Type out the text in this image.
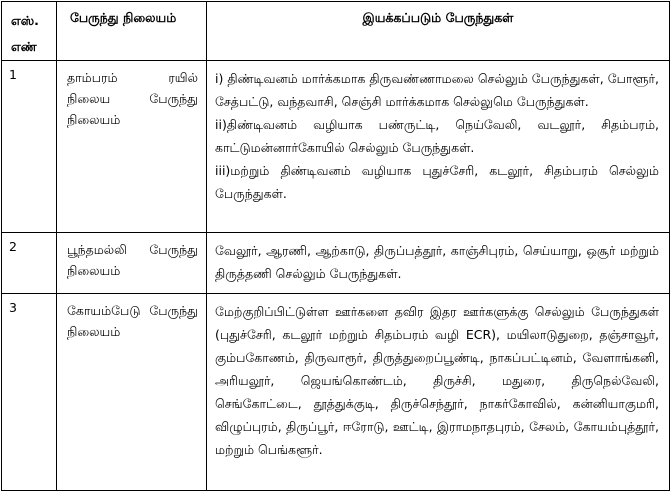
எஸ். எண்	பேருந்து நிலையம்	இயக்கப்படும் பேருந்துகள்
1	தாம்பரம் ரயில் நிலைய பேருந்து நிலையம்	i) திண்டிவனம் மார்க்கமாக திருவண்ணாமலை செல்லும் பேருந்துகள், போளூர், சேத்பட்டு, வந்தவாசி, செஞ்சி மார்க்கமாக செல்லுமெ பேருந்துகள்.

ii)திண்டிவனம் வழியாக பண்ருட்டி, நெய்வேலி, வடலூர், சிதம்பரம், காட்டுமன்னார்கோயில் செல்லும் பேருந்துகள்.

iii)மற்றும் திண்டிவனம் வழியாக புதுச்சேரி, கடலூர், சிதம்பரம் செல்லும் பேருந்துகள்.

2	பூந்தமல்லி பேருந்து நிலையம்	வேலூர், ஆரணி, ஆற்காடு, திருப்பத்தூர், காஞ்சிபுரம், செய்யாறு, ஒசூர் மற்றும் திருத்தணி செல்லும் பேருந்துகள்.

3	கோயம்பேடு பேருந்து நிலையம்	மேற்குறிப்பிட்டுள்ள ஊர்களை தவிர இதர ஊர்களுக்கு செல்லும் பேருந்துகள் (புதுச்சேரி, கடலூர் மற்றும் சிதம்பரம் வழி ECR), மயிலாடுதுறை, தஞ்சாவூர், கும்பகோணம், திருவாரூர், திருத்துறைப்பூண்டி, நாகப்பட்டினம், வேளாங்கனி, அரியலூர், ஜெயங்கொண்டம், திருச்சி, மதுரை, திருநெல்வேலி, செங்கோட்டை, தூத்துக்குடி, திருச்செந்தூர், நாகர்கோவில், கன்னியாகுமரி, விழுப்புரம், திருப்பூர், ஈரோடு, ஊட்டி, இராமநாதபுரம், சேலம், கோயம்புத்தூர், மற்றும் பெங்களூர்.
